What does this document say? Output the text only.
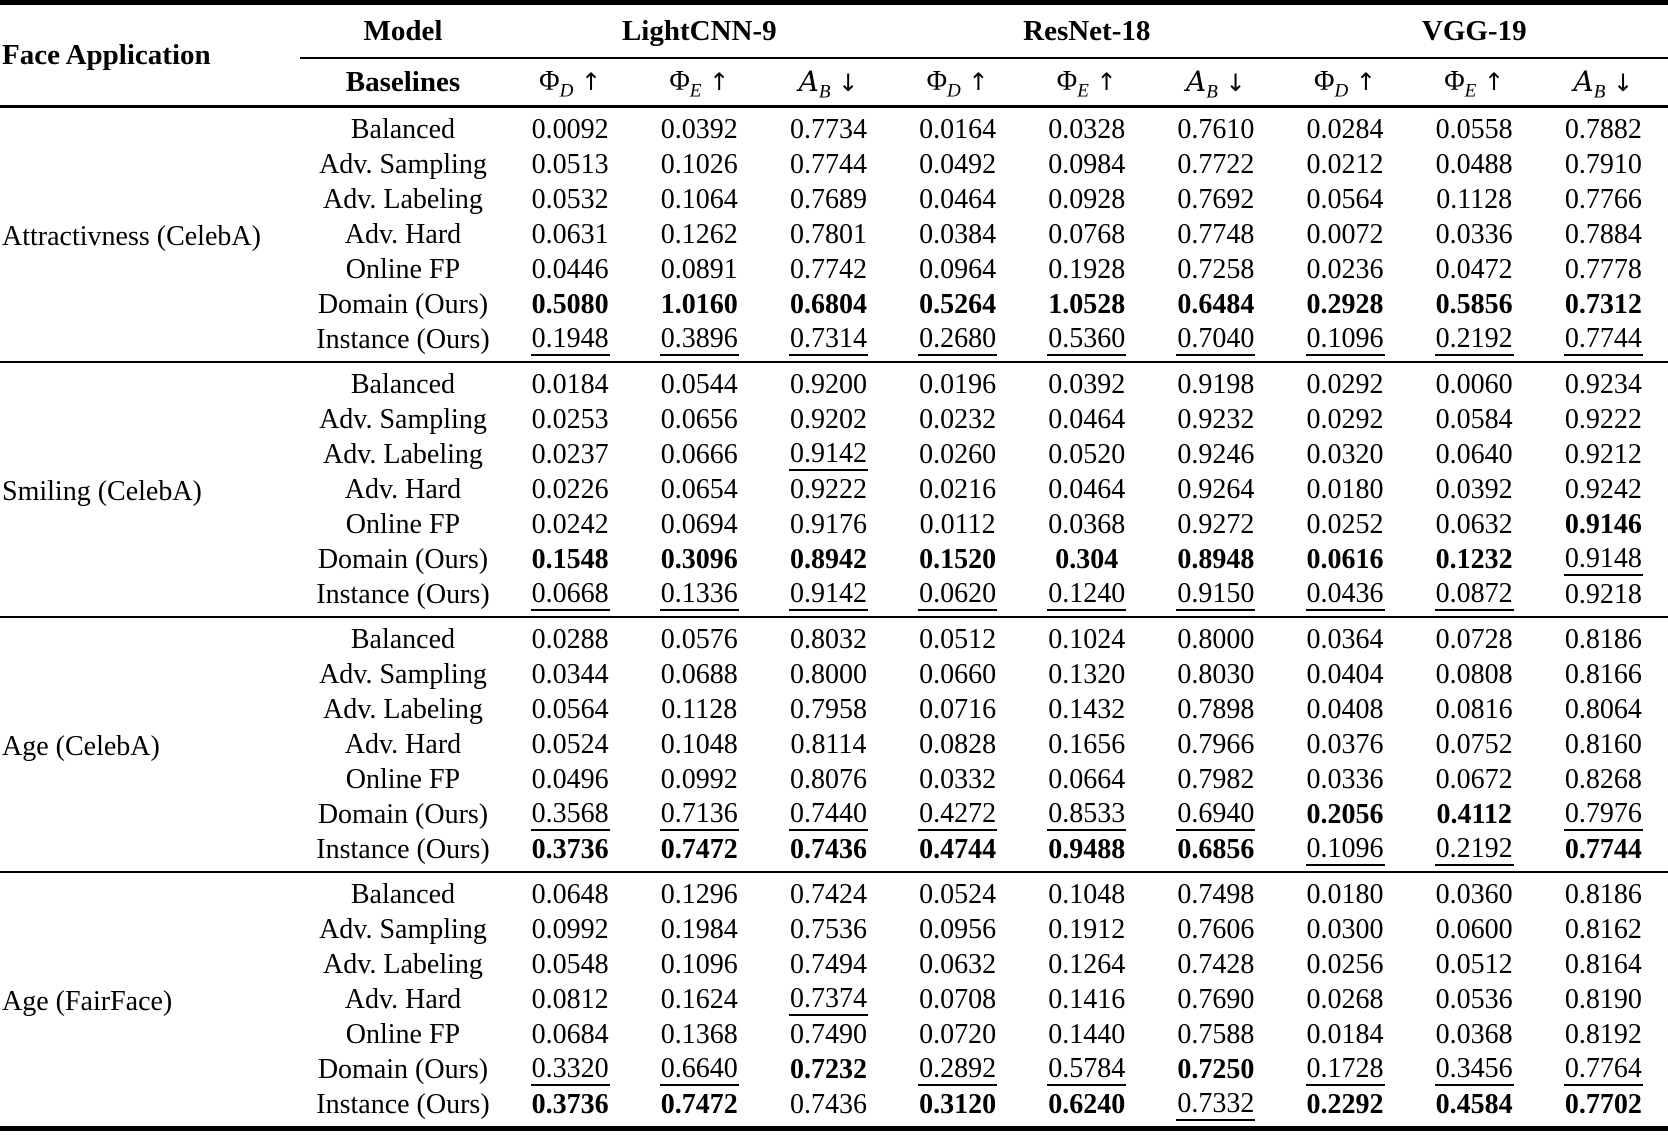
Face Application	Model	LightCNN-9			ResNet-18			VGG-19		
	Baselines	$\Phi_D$ ↑	$\Phi_E$ ↑	$A_B$ ↓	$\Phi_D$ ↑	$\Phi_E$ ↑	$A_B$ ↓	$\Phi_D$ ↑	$\Phi_E$ ↑	$A_B$ ↓
Attractivness (CelebA)	Balanced	0.0092	0.0392	0.7734	0.0164	0.0328	0.7610	0.0284	0.0558	0.7882
	Adv. Sampling	0.0513	0.1026	0.7744	0.0492	0.0984	0.7722	0.0212	0.0488	0.7910
	Adv. Labeling	0.0532	0.1064	0.7689	0.0464	0.0928	0.7692	0.0564	0.1128	0.7766
	Adv. Hard	0.0631	0.1262	0.7801	0.0384	0.0768	0.7748	0.0072	0.0336	0.7884
	Online FP	0.0446	0.0891	0.7742	0.0964	0.1928	0.7258	0.0236	0.0472	0.7778
	Domain (Ours)	0.5080	1.0160	0.6804	0.5264	1.0528	0.6484	0.2928	0.5856	0.7312
	Instance (Ours)	0.1948	0.3896	0.7314	0.2680	0.5360	0.7040	0.1096	0.2192	0.7744
Smiling (CelebA)	Balanced	0.0184	0.0544	0.9200	0.0196	0.0392	0.9198	0.0292	0.0060	0.9234
	Adv. Sampling	0.0253	0.0656	0.9202	0.0232	0.0464	0.9232	0.0292	0.0584	0.9222
	Adv. Labeling	0.0237	0.0666	0.9142	0.0260	0.0520	0.9246	0.0320	0.0640	0.9212
	Adv. Hard	0.0226	0.0654	0.9222	0.0216	0.0464	0.9264	0.0180	0.0392	0.9242
	Online FP	0.0242	0.0694	0.9176	0.0112	0.0368	0.9272	0.0252	0.0632	0.9146
	Domain (Ours)	0.1548	0.3096	0.8942	0.1520	0.304	0.8948	0.0616	0.1232	0.9148
	Instance (Ours)	0.0668	0.1336	0.9142	0.0620	0.1240	0.9150	0.0436	0.0872	0.9218
Age (CelebA)	Balanced	0.0288	0.0576	0.8032	0.0512	0.1024	0.8000	0.0364	0.0728	0.8186
	Adv. Sampling	0.0344	0.0688	0.8000	0.0660	0.1320	0.8030	0.0404	0.0808	0.8166
	Adv. Labeling	0.0564	0.1128	0.7958	0.0716	0.1432	0.7898	0.0408	0.0816	0.8064
	Adv. Hard	0.0524	0.1048	0.8114	0.0828	0.1656	0.7966	0.0376	0.0752	0.8160
	Online FP	0.0496	0.0992	0.8076	0.0332	0.0664	0.7982	0.0336	0.0672	0.8268
	Domain (Ours)	0.3568	0.7136	0.7440	0.4272	0.8533	0.6940	0.2056	0.4112	0.7976
	Instance (Ours)	0.3736	0.7472	0.7436	0.4744	0.9488	0.6856	0.1096	0.2192	0.7744
Age (FairFace)	Balanced	0.0648	0.1296	0.7424	0.0524	0.1048	0.7498	0.0180	0.0360	0.8186
	Adv. Sampling	0.0992	0.1984	0.7536	0.0956	0.1912	0.7606	0.0300	0.0600	0.8162
	Adv. Labeling	0.0548	0.1096	0.7494	0.0632	0.1264	0.7428	0.0256	0.0512	0.8164
	Adv. Hard	0.0812	0.1624	0.7374	0.0708	0.1416	0.7690	0.0268	0.0536	0.8190
	Online FP	0.0684	0.1368	0.7490	0.0720	0.1440	0.7588	0.0184	0.0368	0.8192
	Domain (Ours)	0.3320	0.6640	0.7232	0.2892	0.5784	0.7250	0.1728	0.3456	0.7764
	Instance (Ours)	0.3736	0.7472	0.7436	0.3120	0.6240	0.7332	0.2292	0.4584	0.7702
